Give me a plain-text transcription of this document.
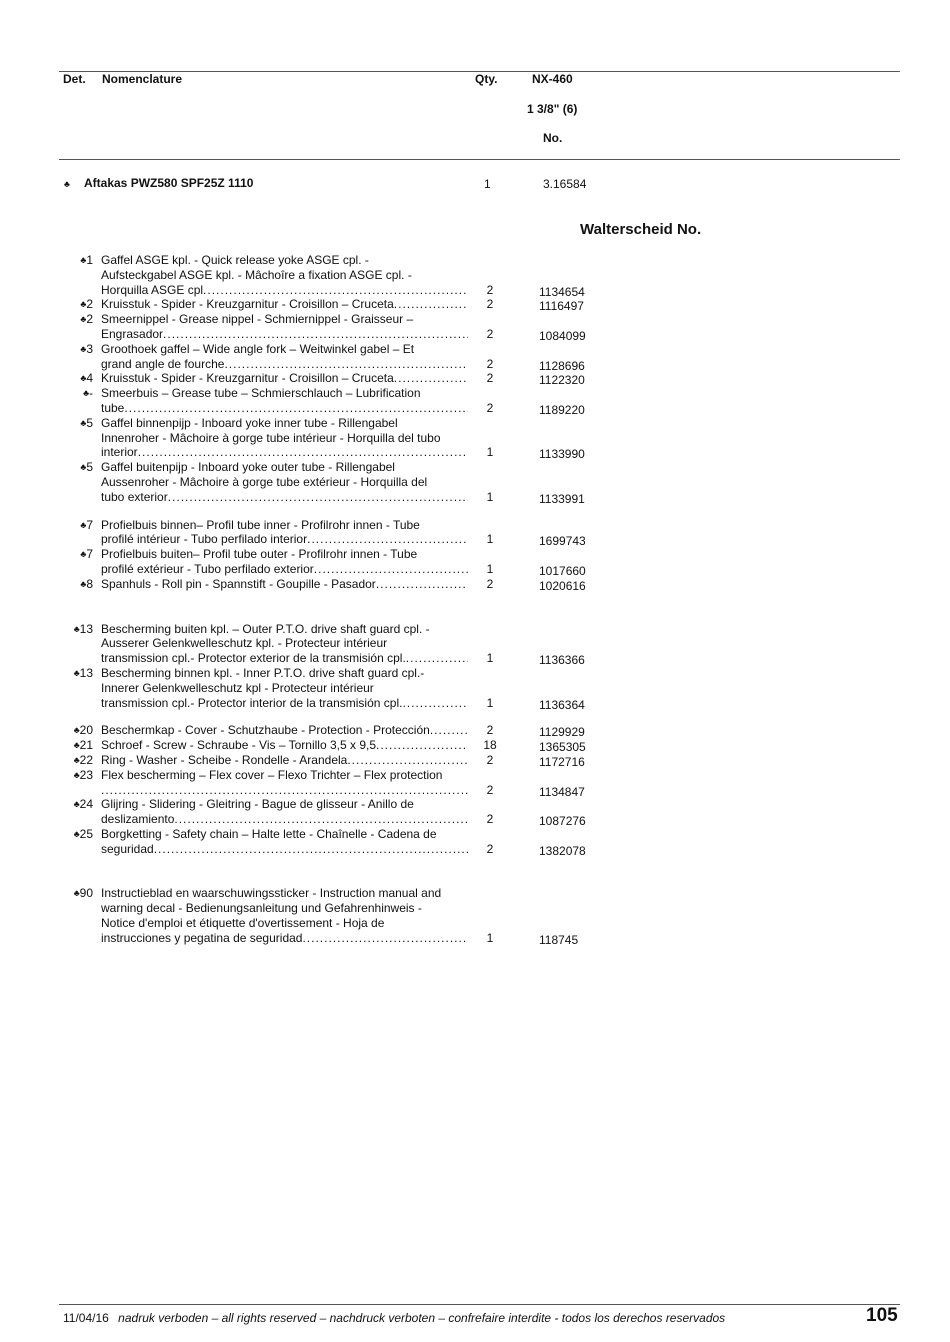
Det. Nomenclature	Qty.	NX-460
1 3/8" (6)
No.
♣ Aftakas PWZ580 SPF25Z 1110	1	3.16584
Walterscheid No.
♣1 Gaffel ASGE kpl. - Quick release yoke ASGE cpl. -
Aufsteckgabel ASGE kpl. - Mâchoîre a fixation ASGE cpl. -
Horquilla ASGE cpl .....	2	1134654
♣2 Kruisstuk - Spider - Kreuzgarnitur - Croisillon – Cruceta .....	2	1116497
♣2 Smeernippel - Grease nippel - Schmiernippel - Graisseur –
Engrasador .....	2	1084099
♣3 Groothoek gaffel – Wide angle fork – Weitwinkel gabel – Et
grand angle de fourche .....	2	1128696
♣4 Kruisstuk - Spider - Kreuzgarnitur - Croisillon – Cruceta .....	2	1122320
♣- Smeerbuis – Grease tube – Schmierschlauch – Lubrification
tube .....	2	1189220
♣5 Gaffel binnenpijp - Inboard yoke inner tube - Rillengabel
Innenroher - Mâchoire à gorge tube intérieur - Horquilla del tubo
interior .....	1	1133990
♣5 Gaffel buitenpijp - Inboard yoke outer tube - Rillengabel
Aussenroher - Mâchoire à gorge tube extérieur - Horquilla del
tubo exterior .....	1	1133991
♣7 Profielbuis binnen– Profil tube inner - Profilrohr innen - Tube
profilé intérieur - Tubo perfilado interior .....	1	1699743
♣7 Profielbuis buiten– Profil tube outer - Profilrohr innen - Tube
profilé extérieur - Tubo perfilado exterior .....	1	1017660
♣8 Spanhuls - Roll pin - Spannstift - Goupille - Pasador .....	2	1020616
♣13 Bescherming buiten kpl. – Outer P.T.O. drive shaft guard cpl. -
Ausserer Gelenkwelleschutz kpl. - Protecteur intérieur
transmission cpl.- Protector exterior de la transmisión cpl. .....	1	1136366
♣13 Bescherming binnen kpl. - Inner P.T.O. drive shaft guard cpl.-
Innerer Gelenkwelleschutz kpl - Protecteur intérieur
transmission cpl.- Protector interior de la transmisión cpl. .....	1	1136364
♣20 Beschermkap - Cover - Schutzhaube - Protection - Protección .....	2	1129929
♣21 Schroef - Screw - Schraube - Vis – Tornillo 3,5 x 9,5 .....	18	1365305
♣22 Ring - Washer - Scheibe - Rondelle - Arandela .....	2	1172716
♣23 Flex bescherming – Flex cover – Flexo Trichter – Flex protection
.....
2	1134847
♣24 Glijring - Slidering - Gleitring - Bague de glisseur - Anillo de
deslizamiento .....	2	1087276
♣25 Borgketting - Safety chain – Halte lette - Chaînelle - Cadena de
seguridad .....	2	1382078
♣90 Instructieblad en waarschuwingssticker - Instruction manual and
warning decal - Bedienungsanleitung und Gefahrenhinweis -
Notice d'emploi et étiquette d'overtissement - Hoja de
instrucciones y pegatina de seguridad .....	1	118745
11/04/16 nadruk verboden – all rights reserved – nachdruck verboten – confrefaire interdite - todos los derechos reservados	105
